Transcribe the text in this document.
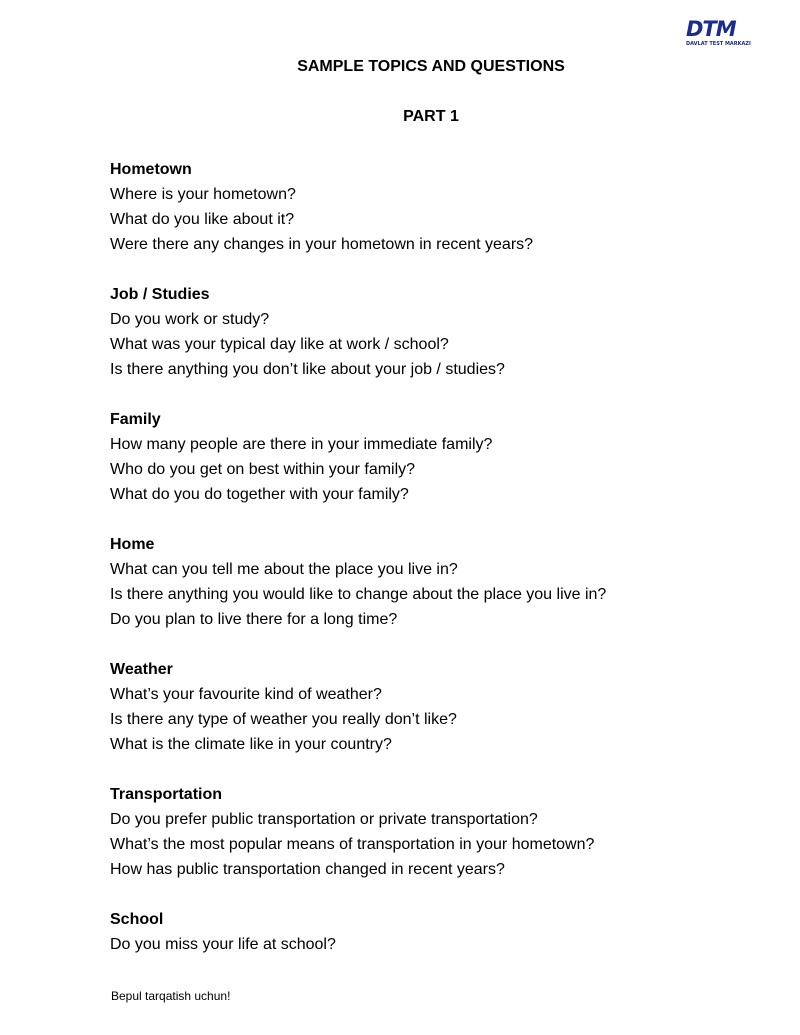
DTM
DAVLAT TEST MARKAZI
SAMPLE TOPICS AND QUESTIONS
PART 1
Hometown
Where is your hometown?
What do you like about it?
Were there any changes in your hometown in recent years?
Job / Studies
Do you work or study?
What was your typical day like at work / school?
Is there anything you don’t like about your job / studies?
Family
How many people are there in your immediate family?
Who do you get on best within your family?
What do you do together with your family?
Home
What can you tell me about the place you live in?
Is there anything you would like to change about the place you live in?
Do you plan to live there for a long time?
Weather
What’s your favourite kind of weather?
Is there any type of weather you really don’t like?
What is the climate like in your country?
Transportation
Do you prefer public transportation or private transportation?
What’s the most popular means of transportation in your hometown?
How has public transportation changed in recent years?
School
Do you miss your life at school?
Bepul tarqatish uchun!
